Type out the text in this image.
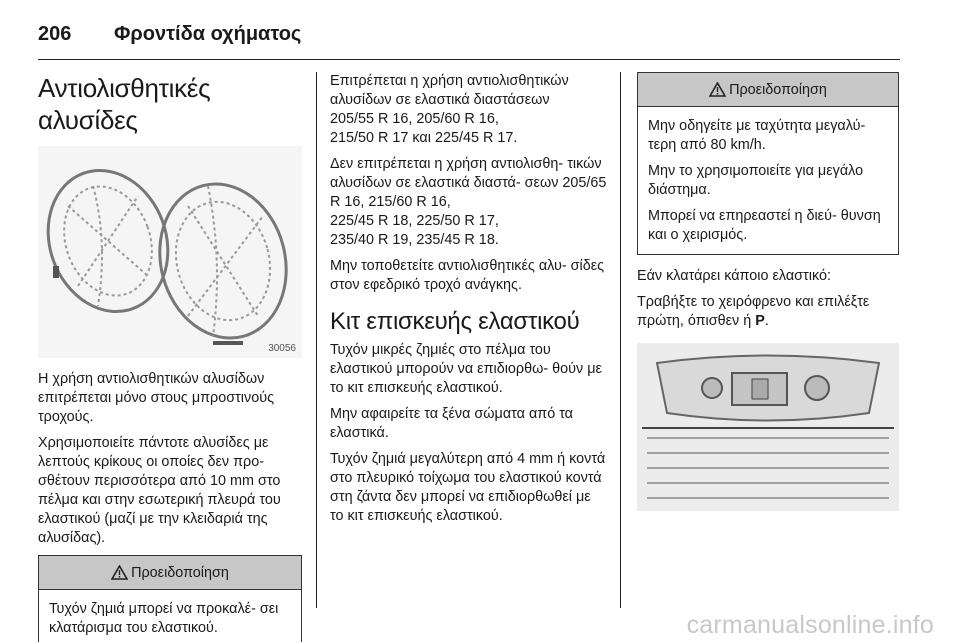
206	Φροντίδα οχήματος
Αντιολισθητικές αλυσίδες
30056

Η χρήση αντιολισθητικών αλυσίδων επιτρέπεται μόνο στους μπροστινούς τροχούς.

Χρησιμοποιείτε πάντοτε αλυσίδες με λεπτούς κρίκους οι οποίες δεν προ- σθέτουν περισσότερα από 10 mm στο πέλμα και στην εσωτερική πλευρά του ελαστικού (μαζί με την κλειδαριά της αλυσίδας).

Προειδοποίηση

Τυχόν ζημιά μπορεί να προκαλέ- σει κλατάρισμα του ελαστικού.

Επιτρέπεται η χρήση αντιολισθητικών αλυσίδων σε ελαστικά διαστάσεων
205/55 R 16, 205/60 R 16,
215/50 R 17 και 225/45 R 17.

Δεν επιτρέπεται η χρήση αντιολισθη- τικών αλυσίδων σε ελαστικά διαστά- σεων 205/65 R 16, 215/60 R 16,
225/45 R 18, 225/50 R 17,
235/40 R 19, 235/45 R 18.

Μην τοποθετείτε αντιολισθητικές αλυ- σίδες στον εφεδρικό τροχό ανάγκης.

Κιτ επισκευής ελαστικού

Τυχόν μικρές ζημιές στο πέλμα του ελαστικού μπορούν να επιδιορθω- θούν με το κιτ επισκευής ελαστικού.

Μην αφαιρείτε τα ξένα σώματα από τα ελαστικά.

Τυχόν ζημιά μεγαλύτερη από 4 mm ή κοντά στο πλευρικό τοίχωμα του ελαστικού κοντά στη ζάντα δεν μπορεί να επιδιορθωθεί με το κιτ επισκευής ελαστικού.

Προειδοποίηση

Μην οδηγείτε με ταχύτητα μεγαλύ- τερη από 80 km/h.

Μην το χρησιμοποιείτε για μεγάλο διάστημα.

Μπορεί να επηρεαστεί η διεύ- θυνση και ο χειρισμός.

Εάν κλατάρει κάποιο ελαστικό:

Τραβήξτε το χειρόφρενο και επιλέξτε πρώτη, όπισθεν ή P.

carmanualsonline.info
